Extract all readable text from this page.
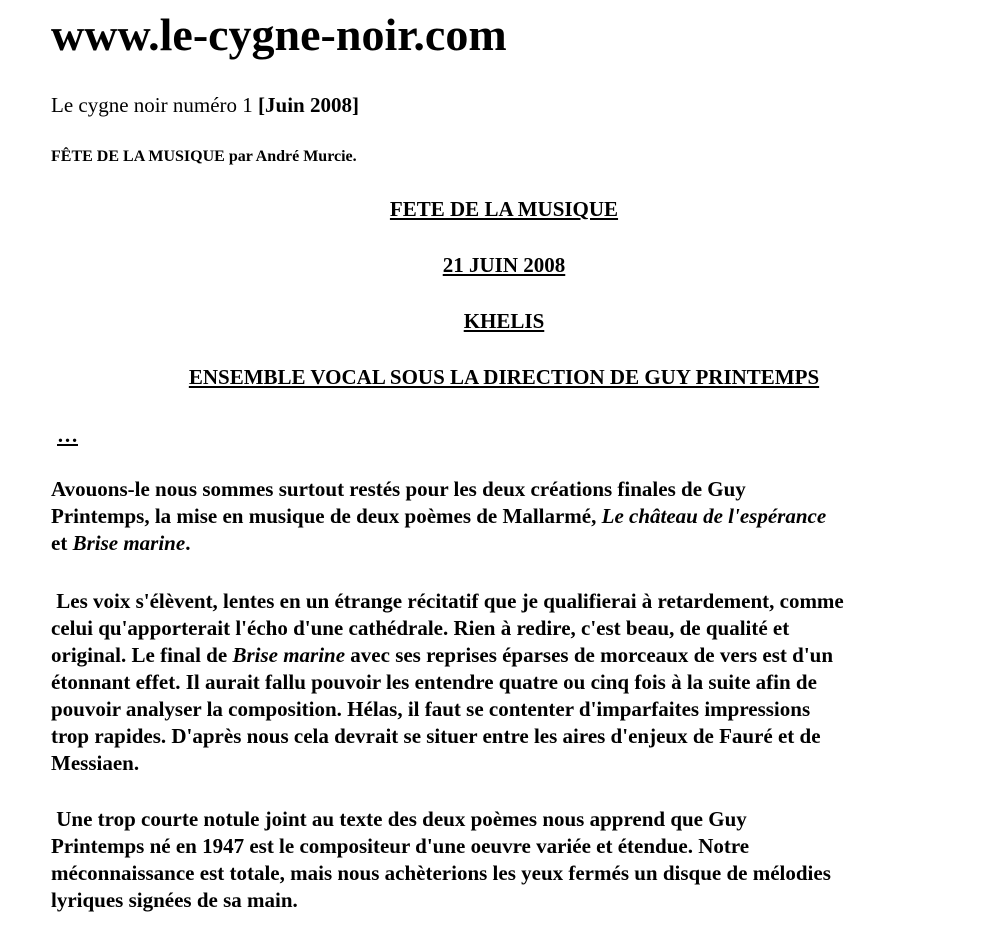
www.le-cygne-noir.com
Le cygne noir numéro 1 [Juin 2008]
FÊTE DE LA MUSIQUE par André Murcie.
FETE DE LA MUSIQUE
21 JUIN 2008
KHELIS
ENSEMBLE VOCAL SOUS LA DIRECTION DE GUY PRINTEMPS
…
Avouons-le nous sommes surtout restés pour les deux créations finales de Guy
Printemps, la mise en musique de deux poèmes de Mallarmé, Le château de l'espérance
et Brise marine.
Les voix s'élèvent, lentes en un étrange récitatif que je qualifierai à retardement, comme
celui qu'apporterait l'écho d'une cathédrale. Rien à redire, c'est beau, de qualité et
original. Le final de Brise marine avec ses reprises éparses de morceaux de vers est d'un
étonnant effet. Il aurait fallu pouvoir les entendre quatre ou cinq fois à la suite afin de
pouvoir analyser la composition. Hélas, il faut se contenter d'imparfaites impressions
trop rapides. D'après nous cela devrait se situer entre les aires d'enjeux de Fauré et de
Messiaen.
Une trop courte notule joint au texte des deux poèmes nous apprend que Guy
Printemps né en 1947 est le compositeur d'une oeuvre variée et étendue. Notre
méconnaissance est totale, mais nous achèterions les yeux fermés un disque de mélodies
lyriques signées de sa main.
